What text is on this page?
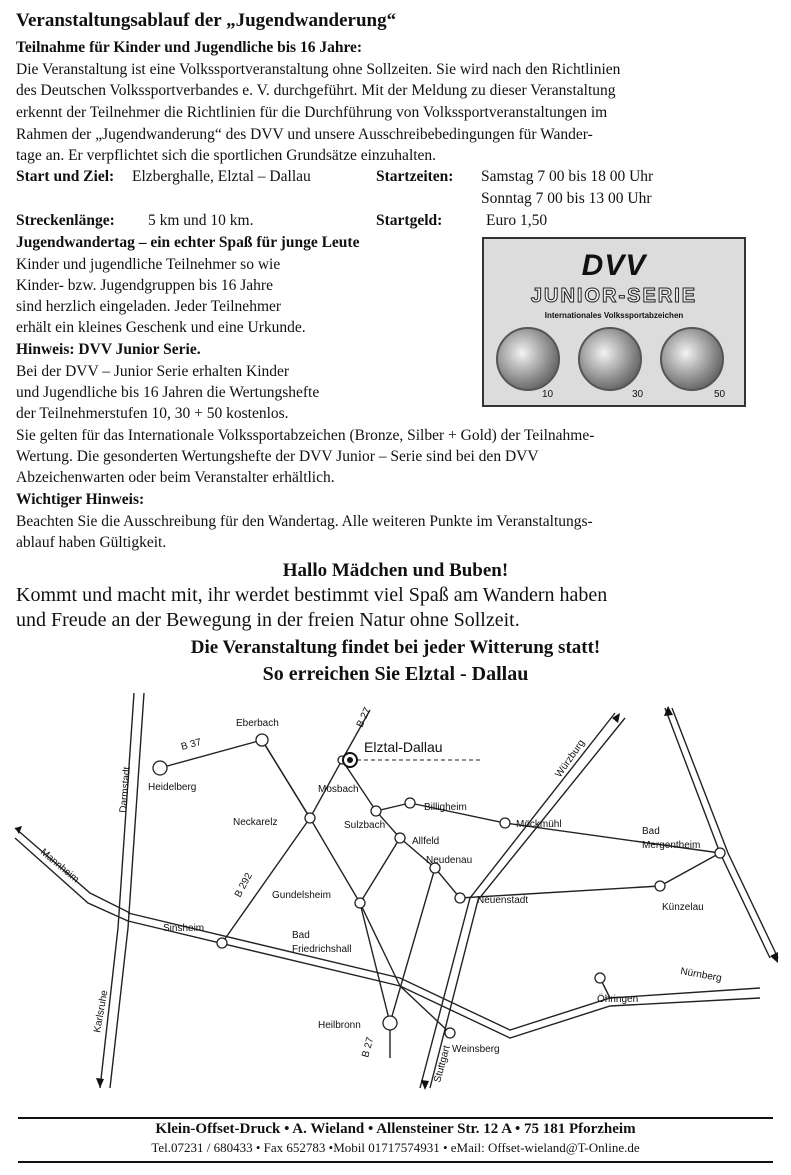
Veranstaltungsablauf der „Jugendwanderung“
Teilnahme für Kinder und Jugendliche bis 16 Jahre:
Die Veranstaltung ist eine Volkssportveranstaltung ohne Sollzeiten. Sie wird nach den Richtlinien
des Deutschen Volkssportverbandes e. V. durchgeführt. Mit der Meldung zu dieser Veranstaltung
erkennt der Teilnehmer die Richtlinien für die Durchführung von Volkssportveranstaltungen im
Rahmen der „Jugendwanderung“ des DVV und unsere Ausschreibebedingungen für Wander-
tage an. Er verpflichtet sich die sportlichen Grundsätze einzuhalten.
Start und Ziel: Elzberghalle, Elztal – Dallau	Startzeiten: Samstag 7 00 bis 18 00 Uhr
Sonntag 7 00 bis 13 00 Uhr
Streckenlänge: 5 km und 10 km.	Startgeld:	Euro 1,50
Jugendwandertag – ein echter Spaß für junge Leute
Kinder und jugendliche Teilnehmer so wie
Kinder- bzw. Jugendgruppen bis 16 Jahre
sind herzlich eingeladen. Jeder Teilnehmer
erhält ein kleines Geschenk und eine Urkunde.
Hinweis: DVV Junior Serie.
Bei der DVV – Junior Serie erhalten Kinder
und Jugendliche bis 16 Jahren die Wertungshefte
der Teilnehmerstufen 10, 30 + 50 kostenlos.
Sie gelten für das Internationale Volkssportabzeichen (Bronze, Silber + Gold) der Teilnahme-
Wertung. Die gesonderten Wertungshefte der DVV Junior – Serie sind bei den DVV
Abzeichenwarten oder beim Veranstalter erhältlich.
Wichtiger Hinweis:
Beachten Sie die Ausschreibung für den Wandertag. Alle weiteren Punkte im Veranstaltungs-
ablauf haben Gültigkeit.
DVV
JUNIOR-SERIE
Internationales Volkssportabzeichen
10	30	50
Hallo Mädchen und Buben!
Kommt und macht mit, ihr werdet bestimmt viel Spaß am Wandern haben
und Freude an der Bewegung in der freien Natur ohne Sollzeit.
Die Veranstaltung findet bei jeder Witterung statt!
So erreichen Sie Elztal - Dallau
B 37
B 27
B 292
B 27
Darmstadt
Mannheim
Karlsruhe
Stuttgart
Würzburg
Nürnberg
Elztal-Dallau
Eberbach
Heidelberg	Mosbach
Neckarelz	Sulzbach
Billigheim
Allfeld
Möckmühl
Bad
Mergentheim
Neudenau
Gundelsheim	Neuenstadt
Sinsheim
Bad
Friedrichshall
Künzelau
Öhringen
Heilbronn
Weinsberg
Klein-Offset-Druck • A. Wieland • Allensteiner Str. 12 A • 75 181 Pforzheim
Tel.07231 / 680433 • Fax 652783 •Mobil 01717574931 • eMail: Offset-wieland@T-Online.de
